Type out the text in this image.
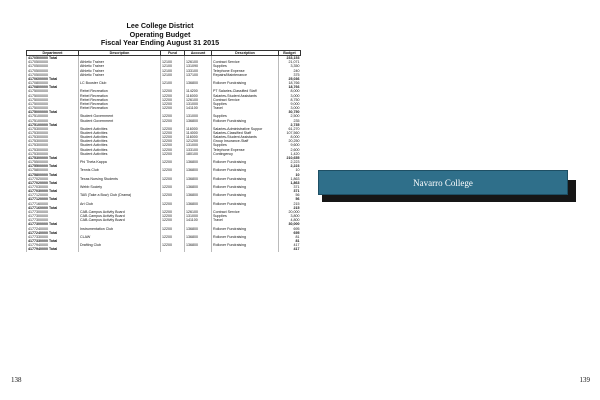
Lee College District
Operating Budget
Fiscal Year Ending August 31 2015
Department	Description	Fund	Account	Description	Budget
4170500000 Total					233,153
4170500000	Athletic Trainer	12100	126100	Contract Service	21,071
4170500000	Athletic Trainer	12100	131090	Supplies	3,350
4170500000	Athletic Trainer	12100	133100	Telephone Expense	240
4170500000	Athletic Trainer	12100	137100	Repairs/Maintenance	375
4170600000 Total					25,036
4170800000	LC Booster Club	12100	136800	Rollover Fundraising	18,766
4170800000 Total					18,766
4175000000	Rebel Recreation	12200	114200	PT Salaries-Classified Staff	8,000
4175000000	Rebel Recreation	12200	116000	Salaries-Student Assistants	3,000
4175000000	Rebel Recreation	12200	126100	Contract Service	8,750
4175000000	Rebel Recreation	12200	131000	Supplies	9,000
4175000000	Rebel Recreation	12200	141100	Travel	3,000
4175000000 Total					30,750
4175100000	Student Government	12200	131000	Supplies	2,500
4175100000	Student Government	12200	136800	Rollover Fundraising	235
4175100000 Total					2,735
4175300000	Student Activities	12200	116000	Salaries-Administrative Suppor	61,270
4175300000	Student Activities	12200	114000	Salaries-Classified Staff	107,560
4175300000	Student Activities	12200	116000	Salaries-Student Assistants	8,000
4175300000	Student Activities	12200	121200	Group Insurance-Staff	20,250
4175300000	Student Activities	12200	131000	Supplies	9,600
4175300000	Student Activities	12200	133100	Telephone Expense	2,600
4175300000	Student Activities	12200	180100	Contingency	1,420
4175300000 Total					210,655
4175500000	Phi Theta Kappa	12200	136800	Rollover Fundraising	2,223
4175500000 Total					2,223
4175800000	Tennis Club	12200	136800	Rollover Fundraising	10
4175800000 Total					10
4177020000	Texas Nursing Students	12200	136800	Rollover Fundraising	1,863
4177020000 Total					1,863
4177030000	Webb Society	12200	136800	Rollover Fundraising	371
4177030000 Total					371
4177120000	TAB (Take a Bow) Club (Drama)	12200	136800	Rollover Fundraising	56
4177120000 Total					56
4177160000	Art Club	12200	136800	Rollover Fundraising	215
4177160000 Total					215
4177300000	CAB-Campus Activity Board	12200	126100	Contract Service	20,000
4177300000	CAB-Campus Activity Board	12200	131000	Supplies	3,800
4177300000	CAB-Campus Activity Board	12200	141100	Travel	4,800
4177300000 Total					30,000
4177240000	Instrumentation Club	12200	136800	Rollover Fundraising	695
4177240000 Total					695
4177330000	CLAW	12200	136800	Rollover Fundraising	81
4177330000 Total					81
4177940000	Drafting Club	12200	136800	Rollover Fundraising	417
4177940000 Total					417
138
Navarro College
139
